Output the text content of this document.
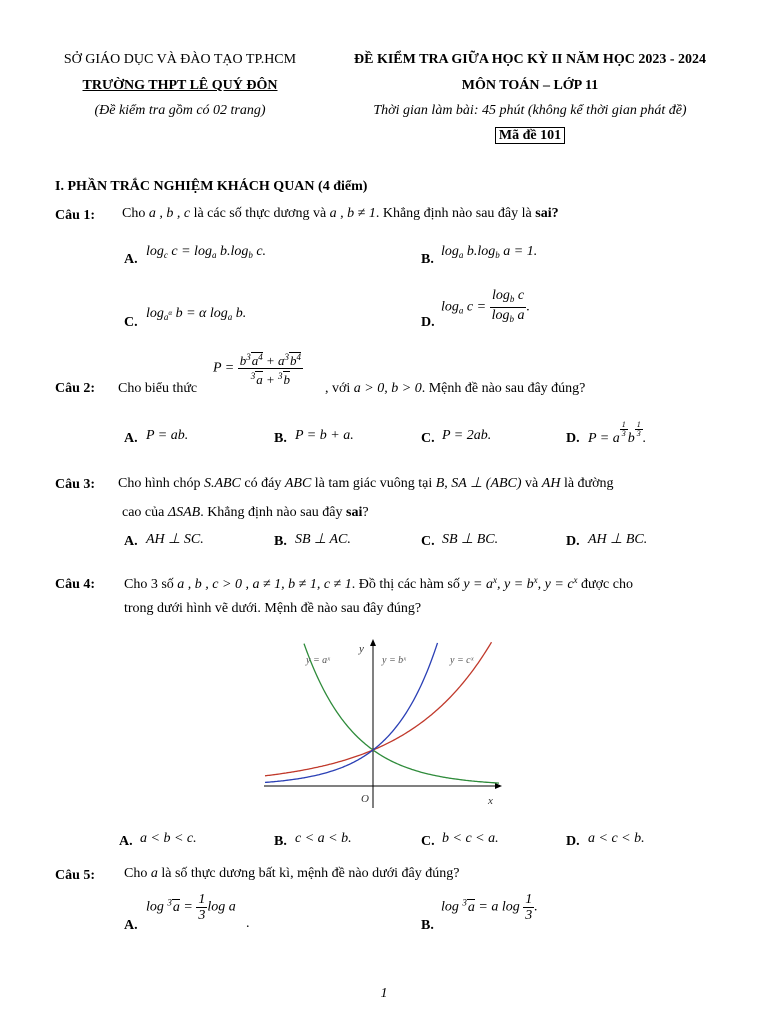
SỞ GIÁO DỤC VÀ ĐÀO TẠO TP.HCM
TRƯỜNG THPT LÊ QUÝ ĐÔN
(Đề kiểm tra gồm có 02 trang)
ĐỀ KIỂM TRA GIỮA HỌC KỲ II NĂM HỌC 2023 - 2024
MÔN TOÁN – LỚP 11
Thời gian làm bài: 45 phút (không kể thời gian phát đề)
Mã đề 101
I. PHẦN TRẮC NGHIỆM KHÁCH QUAN (4 điểm)
Câu 1: Cho a , b , c là các số thực dương và a , b ≠ 1. Khẳng định nào sau đây là sai?
A.
$\log_c c = \log_a b.\log_b$ c.
B.
$\log_a b.\log_b$ a = 1.
C.
$\log_{a^\alpha} b = \alpha$ $\log_a b$.
D.
$\log_a c = \frac{\log_b c}{\log_b a}$ .
Câu 2: Cho biểu thức
$P = \frac{b^3a^4 + a^3b^4}{^3a + ^3b}$
, với a > 0, b > 0. Mệnh đề nào sau đây đúng?
A. P = ab.	B. P = b + a.	C. P = 2ab.	D. P = a
$\frac{1}{3}$
b
$\frac{1}{3}$
.
Câu 3: Cho hình chóp S.ABC có đáy ABC là tam giác vuông tại B, SA ⊥ (ABC) và AH là đường
cao của ΔSAB. Khẳng định nào sau đây sai?
A. AH ⊥ SC.	B. SB ⊥ AC.	C. SB ⊥ BC.	D. AH ⊥ BC.
Câu 4: Cho 3 số a , b , c > 0 , a ≠ 1, b ≠ 1, c ≠ 1. Đồ thị các hàm số $y = a^x$, $y = b^x$, $y = c^x$ được cho
trong dưới hình vẽ dưới. Mệnh đề nào sau đây đúng?
y = aˣ	y = bˣ	y = cˣ
y
x
O
A. a < b < c.	B. c < a < b.	C. b < c < a.	D. a < c < b.
Câu 5: Cho a là số thực dương bất kì, mệnh đề nào dưới đây đúng?
A.
$\log ^3a = \frac{1}{3}$ log a
.	B.
log $^3$a = a $\log \frac{1}{3}$ .
1
